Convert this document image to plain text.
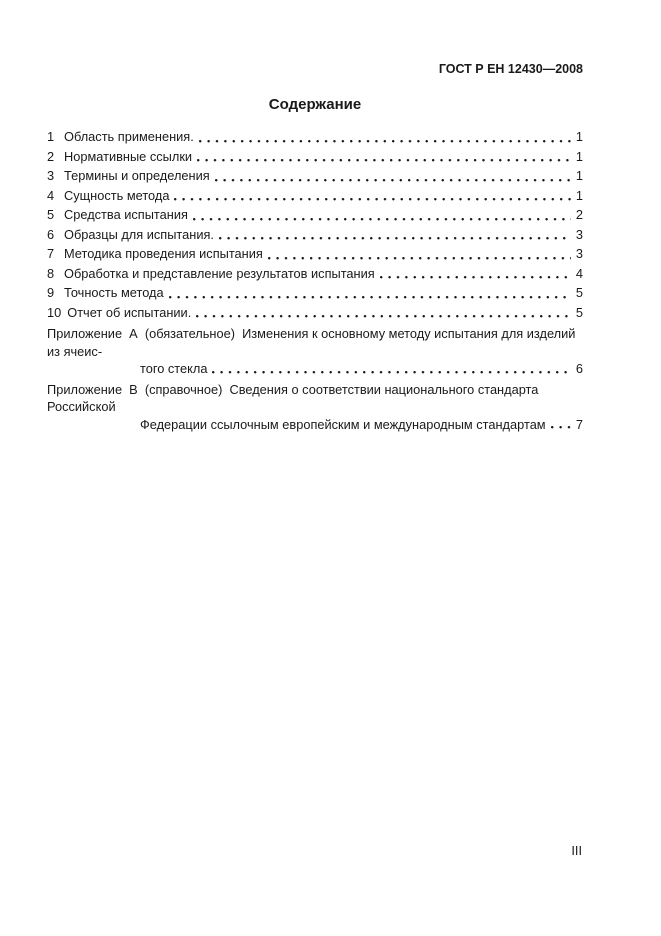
ГОСТ Р ЕН 12430—2008
Содержание
1 Область применения.	1
2 Нормативные ссылки	1
3 Термины и определения	1
4 Сущность метода	1
5 Средства испытания	2
6 Образцы для испытания.	3
7 Методика проведения испытания	3
8 Обработка и представление результатов испытания	4
9 Точность метода	5
10 Отчет об испытании.	5
Приложение  А  (обязательное)  Изменения к основному методу испытания для изделий из ячеис-
того стекла	6
Приложение  В  (справочное)  Сведения о соответствии национального стандарта Российской
Федерации ссылочным европейским и международным стандартам 7
III
